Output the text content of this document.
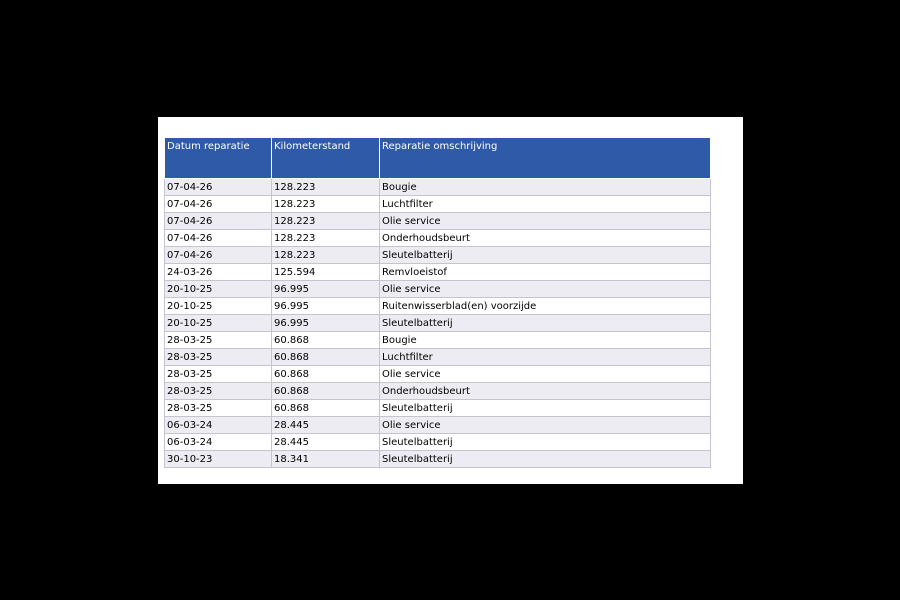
Datum reparatie	Kilometerstand	Reparatie omschrijving
07-04-26	128.223	Bougie
07-04-26	128.223	Luchtfilter
07-04-26	128.223	Olie service
07-04-26	128.223	Onderhoudsbeurt
07-04-26	128.223	Sleutelbatterij
24-03-26	125.594	Remvloeistof
20-10-25	96.995	Olie service
20-10-25	96.995	Ruitenwisserblad(en) voorzijde
20-10-25	96.995	Sleutelbatterij
28-03-25	60.868	Bougie
28-03-25	60.868	Luchtfilter
28-03-25	60.868	Olie service
28-03-25	60.868	Onderhoudsbeurt
28-03-25	60.868	Sleutelbatterij
06-03-24	28.445	Olie service
06-03-24	28.445	Sleutelbatterij
30-10-23	18.341	Sleutelbatterij
